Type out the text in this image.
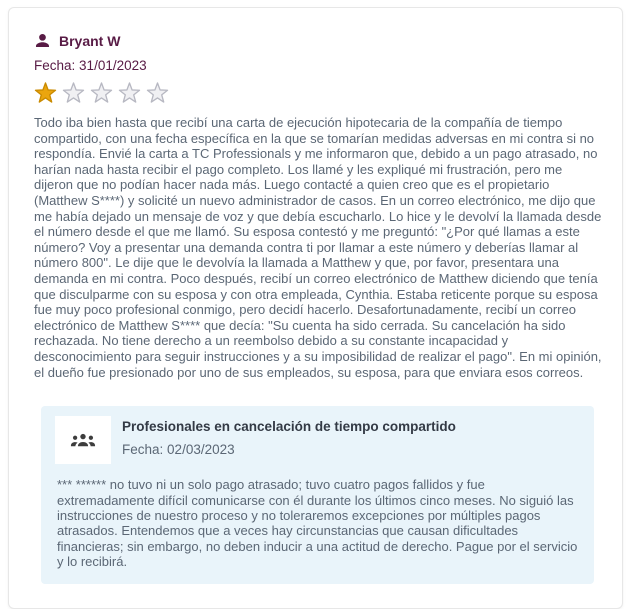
Bryant W
Fecha: 31/01/2023

Todo iba bien hasta que recibí una carta de ejecución hipotecaria de la compañía de tiempo compartido, con una fecha específica en la que se tomarían medidas adversas en mi contra si no respondía. Envié la carta a TC Professionals y me informaron que, debido a un pago atrasado, no harían nada hasta recibir el pago completo. Los llamé y les expliqué mi frustración, pero me dijeron que no podían hacer nada más. Luego contacté a quien creo que es el propietario (Matthew S****) y solicité un nuevo administrador de casos. En un correo electrónico, me dijo que me había dejado un mensaje de voz y que debía escucharlo. Lo hice y le devolví la llamada desde el número desde el que me llamó. Su esposa contestó y me preguntó: "¿Por qué llamas a este número? Voy a presentar una demanda contra ti por llamar a este número y deberías llamar al número 800". Le dije que le devolvía la llamada a Matthew y que, por favor, presentara una demanda en mi contra. Poco después, recibí un correo electrónico de Matthew diciendo que tenía que disculparme con su esposa y con otra empleada, Cynthia. Estaba reticente porque su esposa fue muy poco profesional conmigo, pero decidí hacerlo. Desafortunadamente, recibí un correo electrónico de Matthew S**** que decía: "Su cuenta ha sido cerrada. Su cancelación ha sido rechazada. No tiene derecho a un reembolso debido a su constante incapacidad y desconocimiento para seguir instrucciones y a su imposibilidad de realizar el pago". En mi opinión, el dueño fue presionado por uno de sus empleados, su esposa, para que enviara esos correos.

Profesionales en cancelación de tiempo compartido
Fecha: 02/03/2023

*** ****** no tuvo ni un solo pago atrasado; tuvo cuatro pagos fallidos y fue extremadamente difícil comunicarse con él durante los últimos cinco meses. No siguió las instrucciones de nuestro proceso y no toleraremos excepciones por múltiples pagos atrasados. Entendemos que a veces hay circunstancias que causan dificultades financieras; sin embargo, no deben inducir a una actitud de derecho. Pague por el servicio y lo recibirá.
